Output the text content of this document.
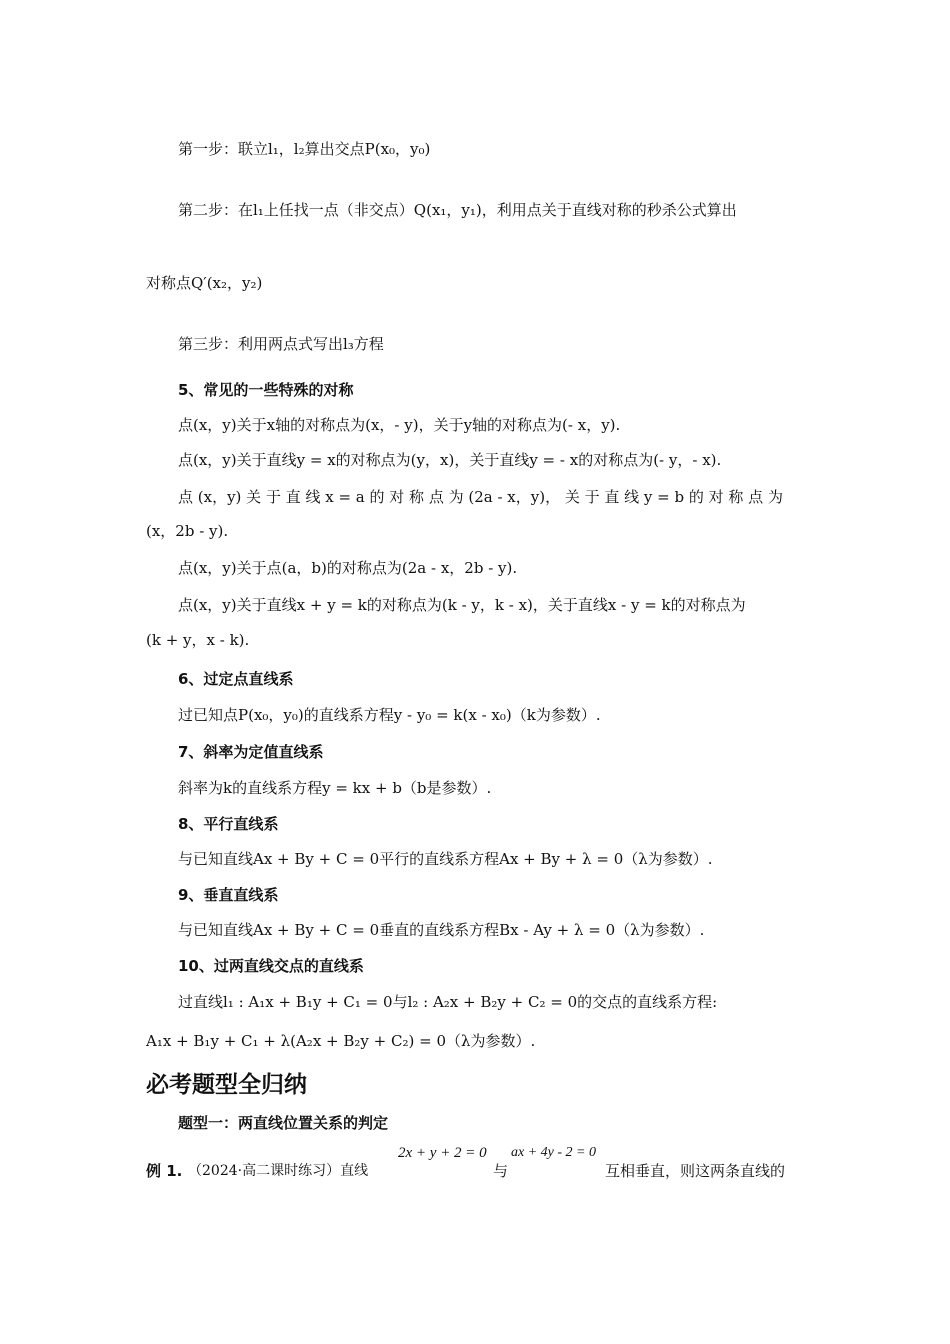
第一步：联立l₁，l₂算出交点P(x₀，y₀)
第二步：在l₁上任找一点（非交点）Q(x₁，y₁)，利用点关于直线对称的秒杀公式算出
对称点Q′(x₂，y₂)
第三步：利用两点式写出l₃方程
5、常见的一些特殊的对称
点(x，y)关于x轴的对称点为(x，- y)，关于y轴的对称点为(- x，y).
点(x，y)关于直线y = x的对称点为(y，x)，关于直线y = - x的对称点为(- y，- x).
点 (x，y) 关 于 直 线 x = a 的 对 称 点 为 (2a - x，y)， 关 于 直 线 y = b 的 对 称 点 为
(x，2b - y).
点(x，y)关于点(a，b)的对称点为(2a - x，2b - y).
点(x，y)关于直线x + y = k的对称点为(k - y，k - x)，关于直线x - y = k的对称点为
(k + y，x - k).
6、过定点直线系
过已知点P(x₀，y₀)的直线系方程y - y₀ = k(x - x₀)（k为参数）.
7、斜率为定值直线系
斜率为k的直线系方程y = kx + b（b是参数）.
8、平行直线系
与已知直线Ax + By + C = 0平行的直线系方程Ax + By + λ = 0（λ为参数）.
9、垂直直线系
与已知直线Ax + By + C = 0垂直的直线系方程Bx - Ay + λ = 0（λ为参数）.
10、过两直线交点的直线系
过直线l₁ : A₁x + B₁y + C₁ = 0与l₂ : A₂x + B₂y + C₂ = 0的交点的直线系方程:
A₁x + B₁y + C₁ + λ(A₂x + B₂y + C₂) = 0（λ为参数）.
必考题型全归纳
题型一：两直线位置关系的判定
例 1. （2024·高二课时练习）直线
2x + y + 2 = 0
与
ax + 4y - 2 = 0
互相垂直，则这两条直线的
